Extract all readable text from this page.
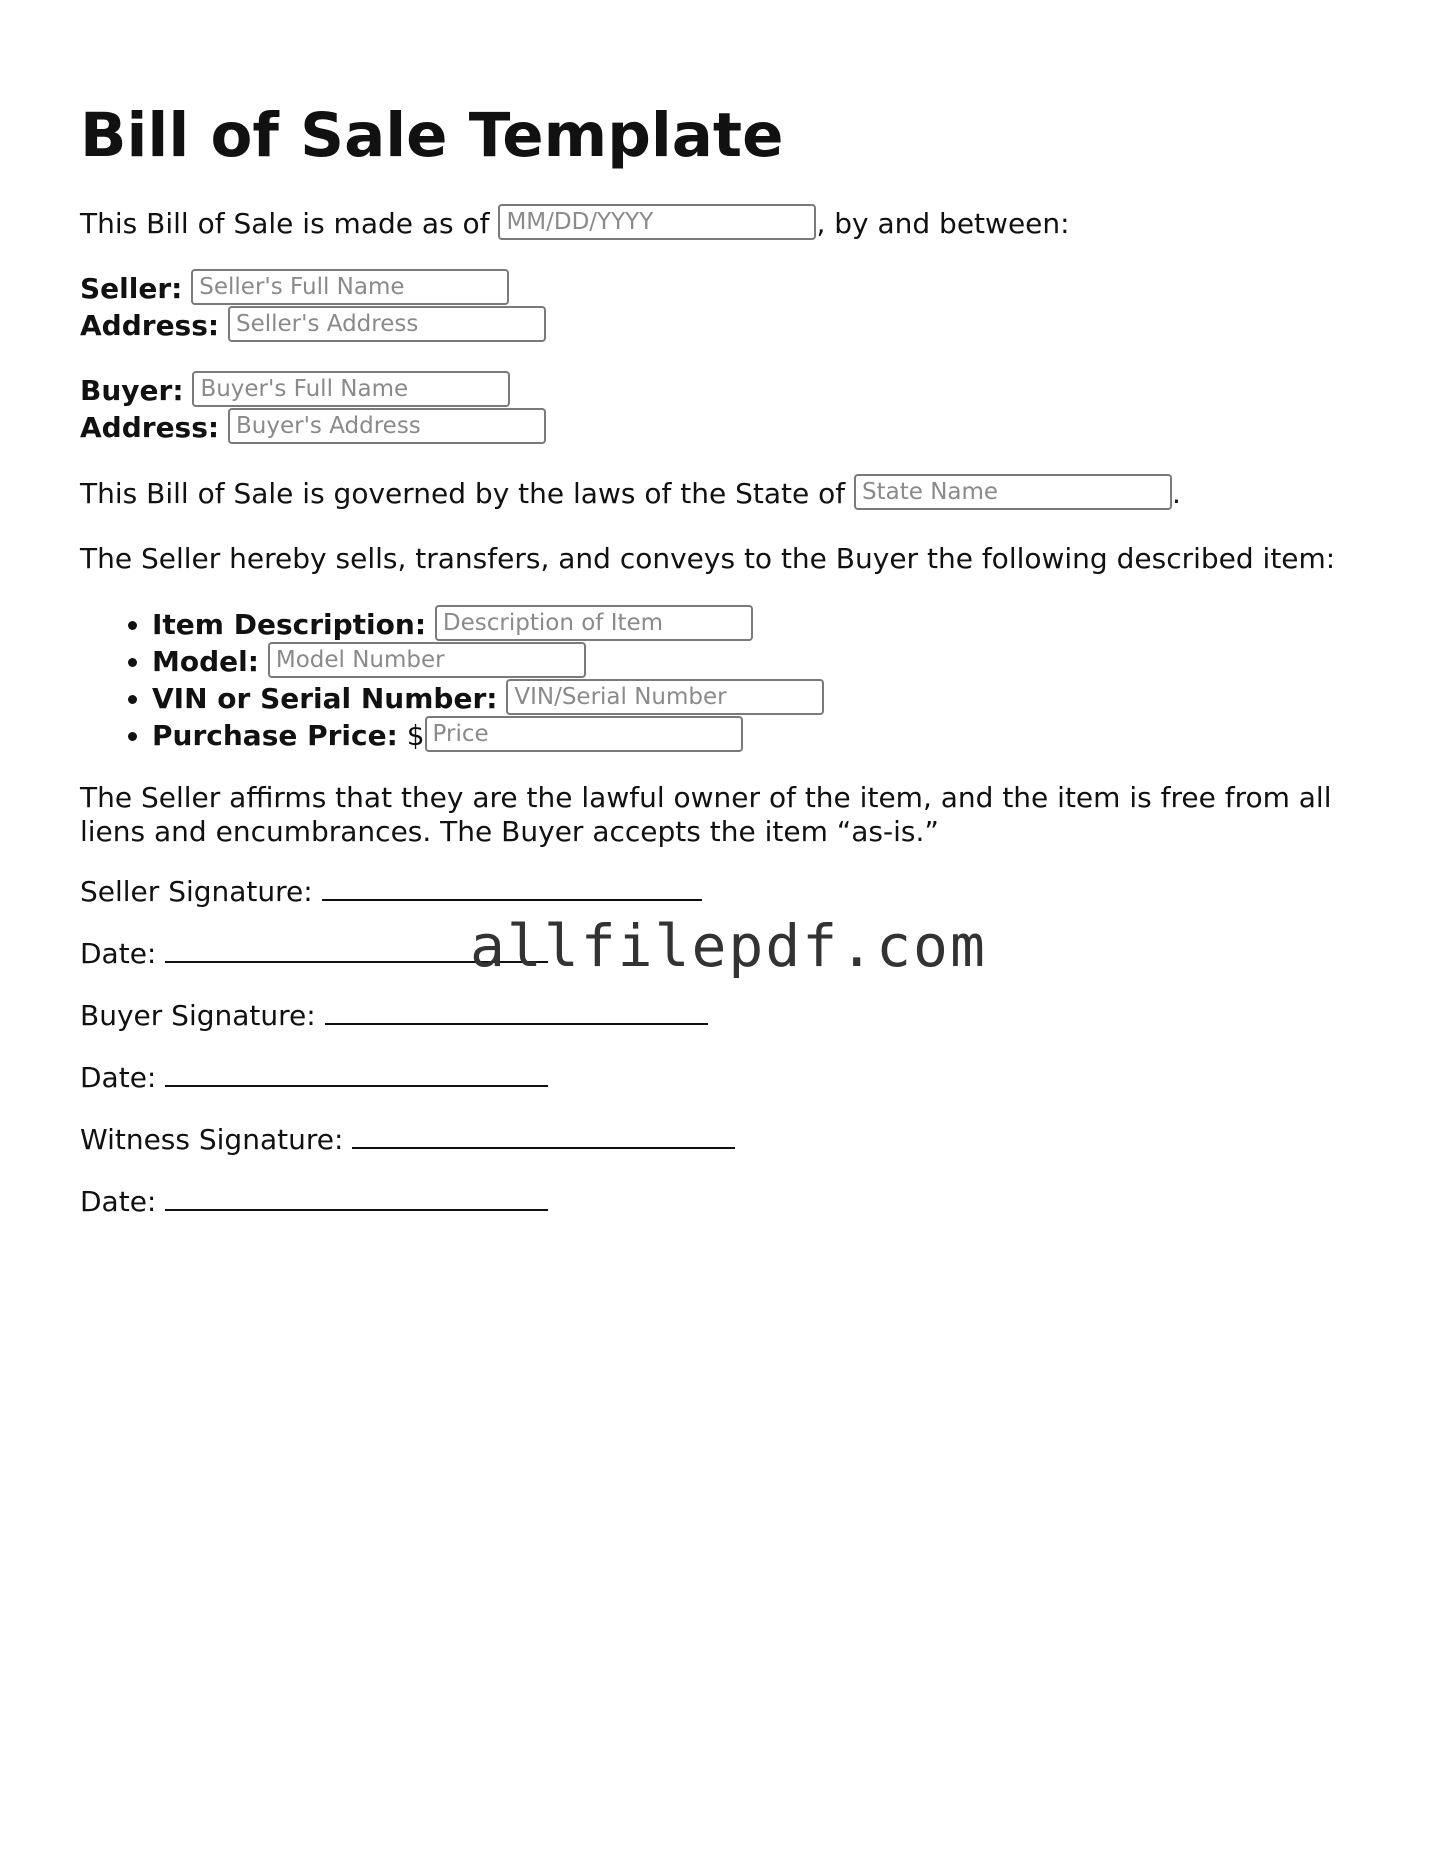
Bill of Sale Template
This Bill of Sale is made as of MM/DD/YYYY	, by and between:
Seller: Seller's Full Name
Address: Seller's Address
Buyer: Buyer's Full Name
Address: Buyer's Address
This Bill of Sale is governed by the laws of the State of State Name	.
The Seller hereby sells, transfers, and conveys to the Buyer the following described item:
• Item Description: Description of Item
• Model: Model Number
• VIN or Serial Number: VIN/Serial Number
• Purchase Price: $Price
The Seller affirms that they are the lawful owner of the item, and the item is free from all liens and encumbrances. The Buyer accepts the item “as-is.”
Seller Signature:
Date:
Buyer Signature:
Date:
Witness Signature:
Date:
allfilepdf.com
